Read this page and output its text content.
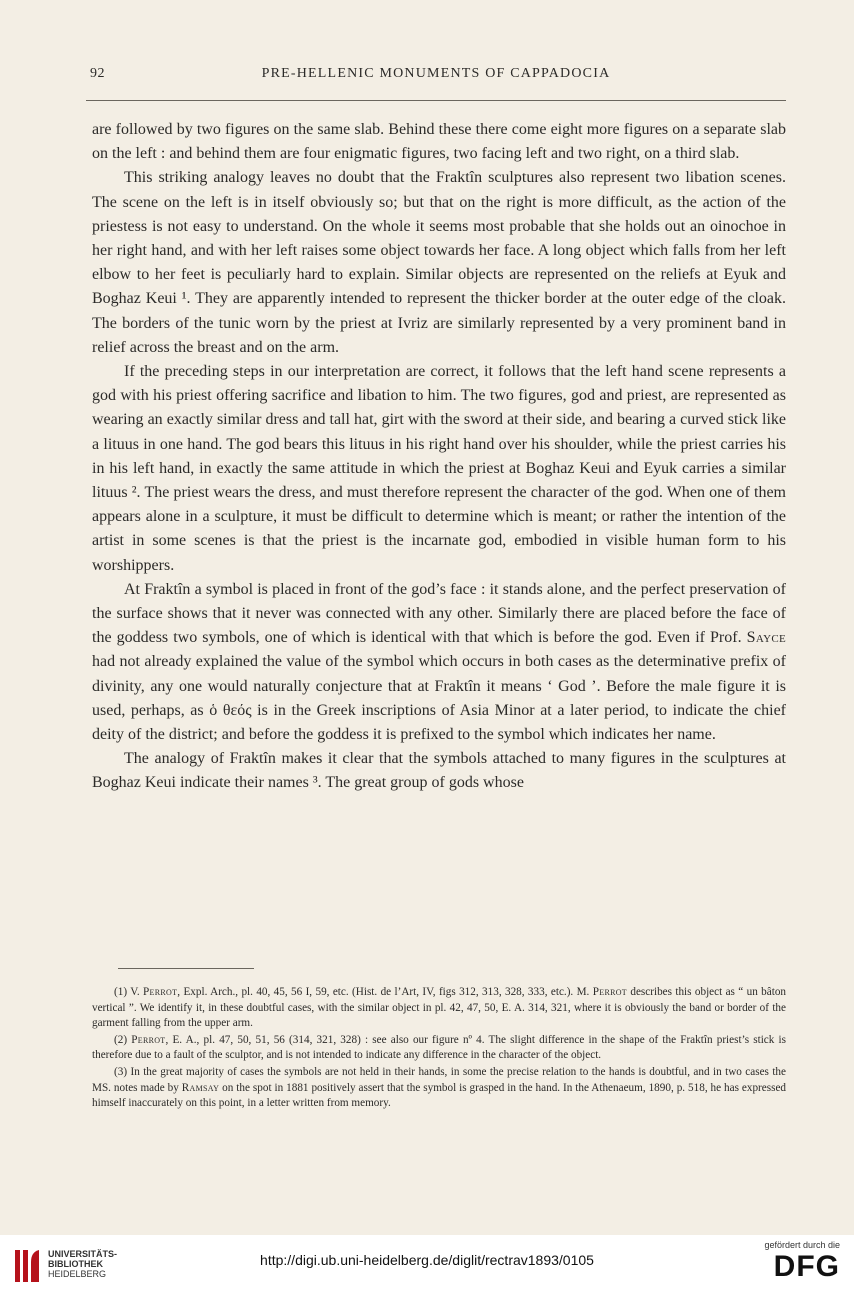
92	PRE-HELLENIC MONUMENTS OF CAPPADOCIA

are followed by two figures on the same slab. Behind these there come eight more figures on a separate slab on the left : and behind them are four enigmatic figures, two facing left and two right, on a third slab.

This striking analogy leaves no doubt that the Fraktîn sculptures also represent two libation scenes. The scene on the left is in itself obviously so; but that on the right is more difficult, as the action of the priestess is not easy to understand. On the whole it seems most probable that she holds out an oinochoe in her right hand, and with her left raises some object towards her face. A long object which falls from her left elbow to her feet is peculiarly hard to explain. Similar objects are represented on the reliefs at Eyuk and Boghaz Keui ¹. They are apparently intended to represent the thicker border at the outer edge of the cloak. The borders of the tunic worn by the priest at Ivriz are similarly represented by a very prominent band in relief across the breast and on the arm.

If the preceding steps in our interpretation are correct, it follows that the left hand scene represents a god with his priest offering sacrifice and libation to him. The two figures, god and priest, are represented as wearing an exactly similar dress and tall hat, girt with the sword at their side, and bearing a curved stick like a lituus in one hand. The god bears this lituus in his right hand over his shoulder, while the priest carries his in his left hand, in exactly the same attitude in which the priest at Boghaz Keui and Eyuk carries a similar lituus ². The priest wears the dress, and must therefore represent the character of the god. When one of them appears alone in a sculpture, it must be difficult to determine which is meant; or rather the intention of the artist in some scenes is that the priest is the incarnate god, embodied in visible human form to his worshippers.

At Fraktîn a symbol is placed in front of the god’s face : it stands alone, and the perfect preservation of the surface shows that it never was connected with any other. Similarly there are placed before the face of the goddess two symbols, one of which is identical with that which is before the god. Even if Prof. Sayce had not already explained the value of the symbol which occurs in both cases as the determinative prefix of divinity, any one would naturally conjecture that at Fraktîn it means ‘ God ’. Before the male figure it is used, perhaps, as ὁ θεός is in the Greek inscriptions of Asia Minor at a later period, to indicate the chief deity of the district; and before the goddess it is prefixed to the symbol which indicates her name.

The analogy of Fraktîn makes it clear that the symbols attached to many figures in the sculptures at Boghaz Keui indicate their names ³. The great group of gods whose

(1) V. Perrot, Expl. Arch., pl. 40, 45, 56 I, 59, etc. (Hist. de l’Art, IV, figs 312, 313, 328, 333, etc.). M. Perrot describes this object as “ un bâton vertical ”. We identify it, in these doubtful cases, with the similar object in pl. 42, 47, 50, E. A. 314, 321, where it is obviously the band or border of the garment falling from the upper arm.

(2) Perrot, E. A., pl. 47, 50, 51, 56 (314, 321, 328) : see also our figure nº 4. The slight difference in the shape of the Fraktîn priest’s stick is therefore due to a fault of the sculptor, and is not intended to indicate any difference in the character of the object.

(3) In the great majority of cases the symbols are not held in their hands, in some the precise relation to the hands is doubtful, and in two cases the MS. notes made by Ramsay on the spot in 1881 positively assert that the symbol is grasped in the hand. In the Athenaeum, 1890, p. 518, he has expressed himself inaccurately on this point, in a letter written from memory.

UNIVERSITÄTS-
BIBLIOTHEK
HEIDELBERG
http://digi.ub.uni-heidelberg.de/diglit/rectrav1893/0105
gefördert durch die
DFG
